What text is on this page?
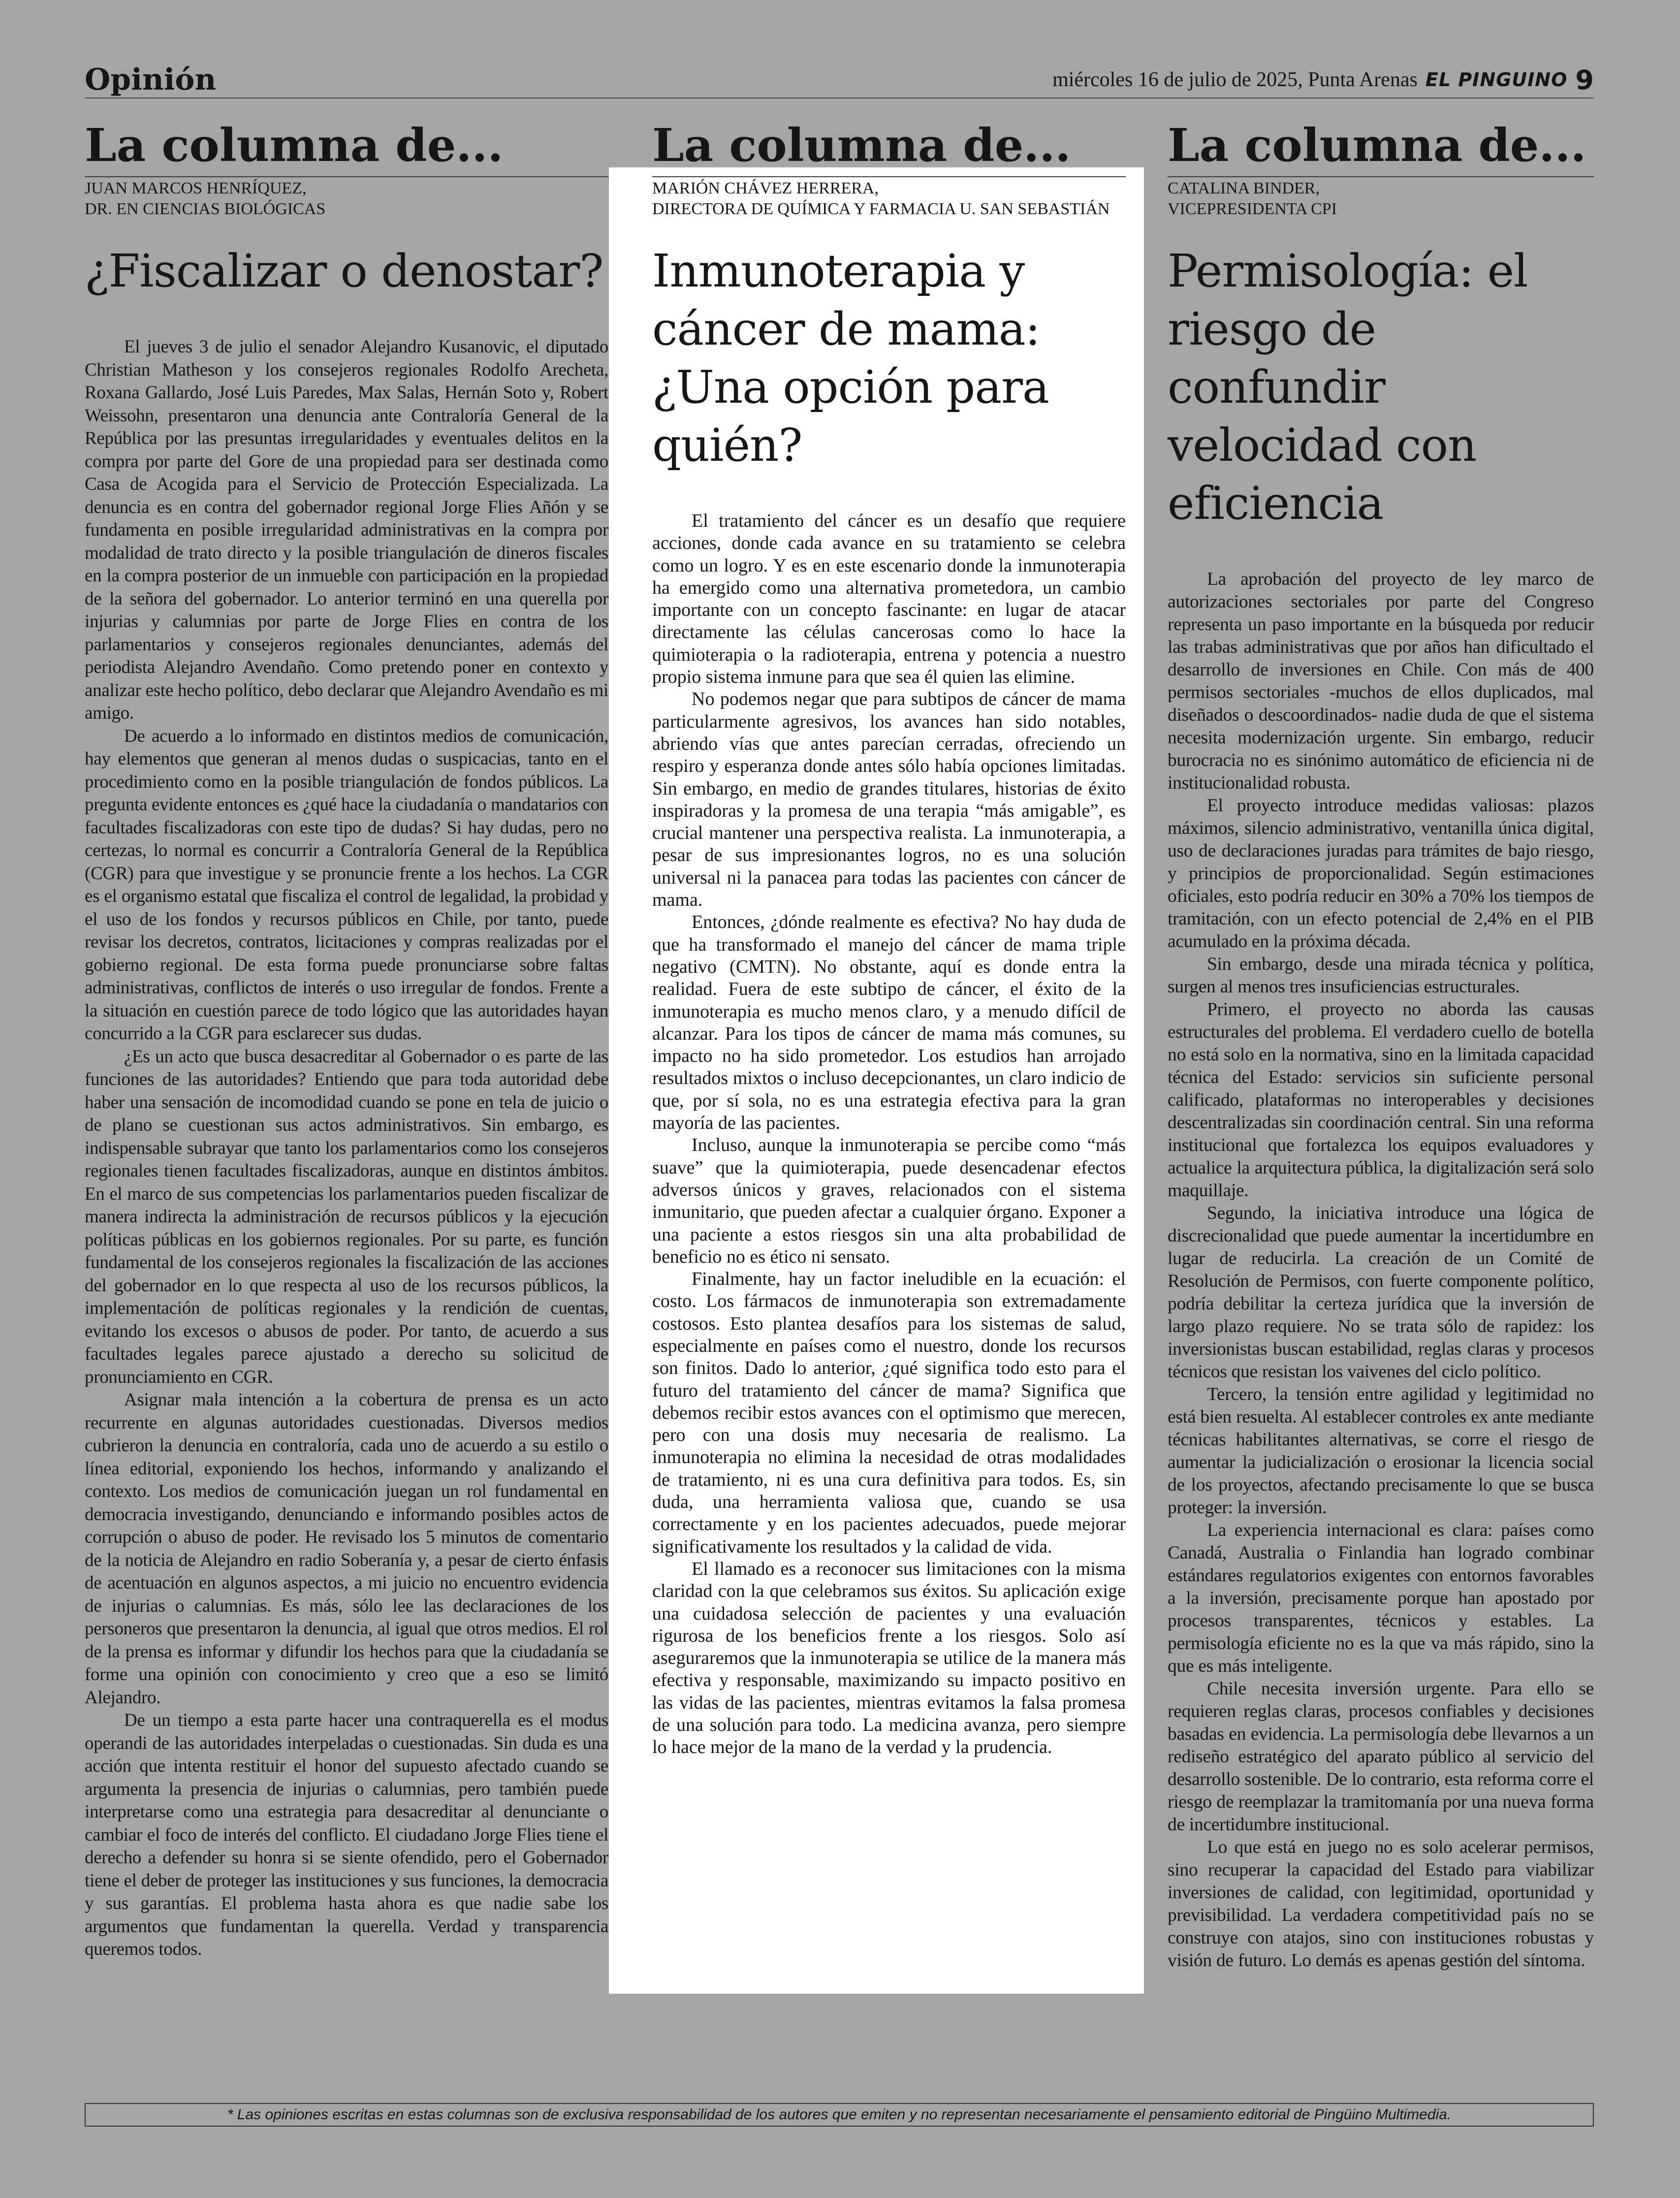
Opinión	miércoles 16 de julio de 2025, Punta Arenas EL PINGUINO 9
La columna de...
JUAN MARCOS HENRÍQUEZ,
DR. EN CIENCIAS BIOLÓGICAS
¿Fiscalizar o denostar?

El jueves 3 de julio el senador Alejandro Kusanovic, el diputado Christian Matheson y los consejeros regionales Rodolfo Arecheta, Roxana Gallardo, José Luis Paredes, Max Salas, Hernán Soto y, Robert Weissohn, presentaron una denuncia ante Contraloría General de la República por las presuntas irregularidades y eventuales delitos en la compra por parte del Gore de una propiedad para ser destinada como Casa de Acogida para el Servicio de Protección Especializada. La denuncia es en contra del gobernador regional Jorge Flies Añón y se fundamenta en posible irregularidad administrativas en la compra por modalidad de trato directo y la posible triangulación de dineros fiscales en la compra posterior de un inmueble con participación en la propiedad de la señora del gobernador. Lo anterior terminó en una querella por injurias y calumnias por parte de Jorge Flies en contra de los parlamentarios y consejeros regionales denunciantes, además del periodista Alejandro Avendaño. Como pretendo poner en contexto y analizar este hecho político, debo declarar que Alejandro Avendaño es mi amigo.

De acuerdo a lo informado en distintos medios de comunicación, hay elementos que generan al menos dudas o suspicacias, tanto en el procedimiento como en la posible triangulación de fondos públicos. La pregunta evidente entonces es ¿qué hace la ciudadanía o mandatarios con facultades fiscalizadoras con este tipo de dudas? Si hay dudas, pero no certezas, lo normal es concurrir a Contraloría General de la República (CGR) para que investigue y se pronuncie frente a los hechos. La CGR es el organismo estatal que fiscaliza el control de legalidad, la probidad y el uso de los fondos y recursos públicos en Chile, por tanto, puede revisar los decretos, contratos, licitaciones y compras realizadas por el gobierno regional. De esta forma puede pronunciarse sobre faltas administrativas, conflictos de interés o uso irregular de fondos. Frente a la situación en cuestión parece de todo lógico que las autoridades hayan concurrido a la CGR para esclarecer sus dudas.

¿Es un acto que busca desacreditar al Gobernador o es parte de las funciones de las autoridades? Entiendo que para toda autoridad debe haber una sensación de incomodidad cuando se pone en tela de juicio o de plano se cuestionan sus actos administrativos. Sin embargo, es indispensable subrayar que tanto los parlamentarios como los consejeros regionales tienen facultades fiscalizadoras, aunque en distintos ámbitos. En el marco de sus competencias los parlamentarios pueden fiscalizar de manera indirecta la administración de recursos públicos y la ejecución políticas públicas en los gobiernos regionales. Por su parte, es función fundamental de los consejeros regionales la fiscalización de las acciones del gobernador en lo que respecta al uso de los recursos públicos, la implementación de políticas regionales y la rendición de cuentas, evitando los excesos o abusos de poder. Por tanto, de acuerdo a sus facultades legales parece ajustado a derecho su solicitud de pronunciamiento en CGR.

Asignar mala intención a la cobertura de prensa es un acto recurrente en algunas autoridades cuestionadas. Diversos medios cubrieron la denuncia en contraloría, cada uno de acuerdo a su estilo o línea editorial, exponiendo los hechos, informando y analizando el contexto. Los medios de comunicación juegan un rol fundamental en democracia investigando, denunciando e informando posibles actos de corrupción o abuso de poder. He revisado los 5 minutos de comentario de la noticia de Alejandro en radio Soberanía y, a pesar de cierto énfasis de acentuación en algunos aspectos, a mi juicio no encuentro evidencia de injurias o calumnias. Es más, sólo lee las declaraciones de los personeros que presentaron la denuncia, al igual que otros medios. El rol de la prensa es informar y difundir los hechos para que la ciudadanía se forme una opinión con conocimiento y creo que a eso se limitó Alejandro.

De un tiempo a esta parte hacer una contraquerella es el modus operandi de las autoridades interpeladas o cuestionadas. Sin duda es una acción que intenta restituir el honor del supuesto afectado cuando se argumenta la presencia de injurias o calumnias, pero también puede interpretarse como una estrategia para desacreditar al denunciante o cambiar el foco de interés del conflicto. El ciudadano Jorge Flies tiene el derecho a defender su honra si se siente ofendido, pero el Gobernador tiene el deber de proteger las instituciones y sus funciones, la democracia y sus garantías. El problema hasta ahora es que nadie sabe los argumentos que fundamentan la querella. Verdad y transparencia queremos todos.

La columna de...
MARIÓN CHÁVEZ HERRERA,
DIRECTORA DE QUÍMICA Y FARMACIA U. SAN SEBASTIÁN
Inmunoterapia y cáncer de mama: ¿Una opción para quién?

El tratamiento del cáncer es un desafío que requiere acciones, donde cada avance en su tratamiento se celebra como un logro. Y es en este escenario donde la inmunoterapia ha emergido como una alternativa prometedora, un cambio importante con un concepto fascinante: en lugar de atacar directamente las células cancerosas como lo hace la quimioterapia o la radioterapia, entrena y potencia a nuestro propio sistema inmune para que sea él quien las elimine.

No podemos negar que para subtipos de cáncer de mama particularmente agresivos, los avances han sido notables, abriendo vías que antes parecían cerradas, ofreciendo un respiro y esperanza donde antes sólo había opciones limitadas. Sin embargo, en medio de grandes titulares, historias de éxito inspiradoras y la promesa de una terapia “más amigable”, es crucial mantener una perspectiva realista. La inmunoterapia, a pesar de sus impresionantes logros, no es una solución universal ni la panacea para todas las pacientes con cáncer de mama.

Entonces, ¿dónde realmente es efectiva? No hay duda de que ha transformado el manejo del cáncer de mama triple negativo (CMTN). No obstante, aquí es donde entra la realidad. Fuera de este subtipo de cáncer, el éxito de la inmunoterapia es mucho menos claro, y a menudo difícil de alcanzar. Para los tipos de cáncer de mama más comunes, su impacto no ha sido prometedor. Los estudios han arrojado resultados mixtos o incluso decepcionantes, un claro indicio de que, por sí sola, no es una estrategia efectiva para la gran mayoría de las pacientes.

Incluso, aunque la inmunoterapia se percibe como “más suave” que la quimioterapia, puede desencadenar efectos adversos únicos y graves, relacionados con el sistema inmunitario, que pueden afectar a cualquier órgano. Exponer a una paciente a estos riesgos sin una alta probabilidad de beneficio no es ético ni sensato.

Finalmente, hay un factor ineludible en la ecuación: el costo. Los fármacos de inmunoterapia son extremadamente costosos. Esto plantea desafíos para los sistemas de salud, especialmente en países como el nuestro, donde los recursos son finitos. Dado lo anterior, ¿qué significa todo esto para el futuro del tratamiento del cáncer de mama? Significa que debemos recibir estos avances con el optimismo que merecen, pero con una dosis muy necesaria de realismo. La inmunoterapia no elimina la necesidad de otras modalidades de tratamiento, ni es una cura definitiva para todos. Es, sin duda, una herramienta valiosa que, cuando se usa correctamente y en los pacientes adecuados, puede mejorar significativamente los resultados y la calidad de vida.

El llamado es a reconocer sus limitaciones con la misma claridad con la que celebramos sus éxitos. Su aplicación exige una cuidadosa selección de pacientes y una evaluación rigurosa de los beneficios frente a los riesgos. Solo así aseguraremos que la inmunoterapia se utilice de la manera más efectiva y responsable, maximizando su impacto positivo en las vidas de las pacientes, mientras evitamos la falsa promesa de una solución para todo. La medicina avanza, pero siempre lo hace mejor de la mano de la verdad y la prudencia.

La columna de...
CATALINA BINDER,
VICEPRESIDENTA CPI
Permisología: el riesgo de confundir velocidad con eficiencia

La aprobación del proyecto de ley marco de autorizaciones sectoriales por parte del Congreso representa un paso importante en la búsqueda por reducir las trabas administrativas que por años han dificultado el desarrollo de inversiones en Chile. Con más de 400 permisos sectoriales -muchos de ellos duplicados, mal diseñados o descoordinados- nadie duda de que el sistema necesita modernización urgente. Sin embargo, reducir burocracia no es sinónimo automático de eficiencia ni de institucionalidad robusta.

El proyecto introduce medidas valiosas: plazos máximos, silencio administrativo, ventanilla única digital, uso de declaraciones juradas para trámites de bajo riesgo, y principios de proporcionalidad. Según estimaciones oficiales, esto podría reducir en 30% a 70% los tiempos de tramitación, con un efecto potencial de 2,4% en el PIB acumulado en la próxima década.

Sin embargo, desde una mirada técnica y política, surgen al menos tres insuficiencias estructurales.

Primero, el proyecto no aborda las causas estructurales del problema. El verdadero cuello de botella no está solo en la normativa, sino en la limitada capacidad técnica del Estado: servicios sin suficiente personal calificado, plataformas no interoperables y decisiones descentralizadas sin coordinación central. Sin una reforma institucional que fortalezca los equipos evaluadores y actualice la arquitectura pública, la digitalización será solo maquillaje.

Segundo, la iniciativa introduce una lógica de discrecionalidad que puede aumentar la incertidumbre en lugar de reducirla. La creación de un Comité de Resolución de Permisos, con fuerte componente político, podría debilitar la certeza jurídica que la inversión de largo plazo requiere. No se trata sólo de rapidez: los inversionistas buscan estabilidad, reglas claras y procesos técnicos que resistan los vaivenes del ciclo político.

Tercero, la tensión entre agilidad y legitimidad no está bien resuelta. Al establecer controles ex ante mediante técnicas habilitantes alternativas, se corre el riesgo de aumentar la judicialización o erosionar la licencia social de los proyectos, afectando precisamente lo que se busca proteger: la inversión.

La experiencia internacional es clara: países como Canadá, Australia o Finlandia han logrado combinar estándares regulatorios exigentes con entornos favorables a la inversión, precisamente porque han apostado por procesos transparentes, técnicos y estables. La permisología eficiente no es la que va más rápido, sino la que es más inteligente.

Chile necesita inversión urgente. Para ello se requieren reglas claras, procesos confiables y decisiones basadas en evidencia. La permisología debe llevarnos a un rediseño estratégico del aparato público al servicio del desarrollo sostenible. De lo contrario, esta reforma corre el riesgo de reemplazar la tramitomanía por una nueva forma de incertidumbre institucional.

Lo que está en juego no es solo acelerar permisos, sino recuperar la capacidad del Estado para viabilizar inversiones de calidad, con legitimidad, oportunidad y previsibilidad. La verdadera competitividad país no se construye con atajos, sino con instituciones robustas y visión de futuro. Lo demás es apenas gestión del síntoma.

* Las opiniones escritas en estas columnas son de exclusiva responsabilidad de los autores que emiten y no representan necesariamente el pensamiento editorial de Pingüino Multimedia.
